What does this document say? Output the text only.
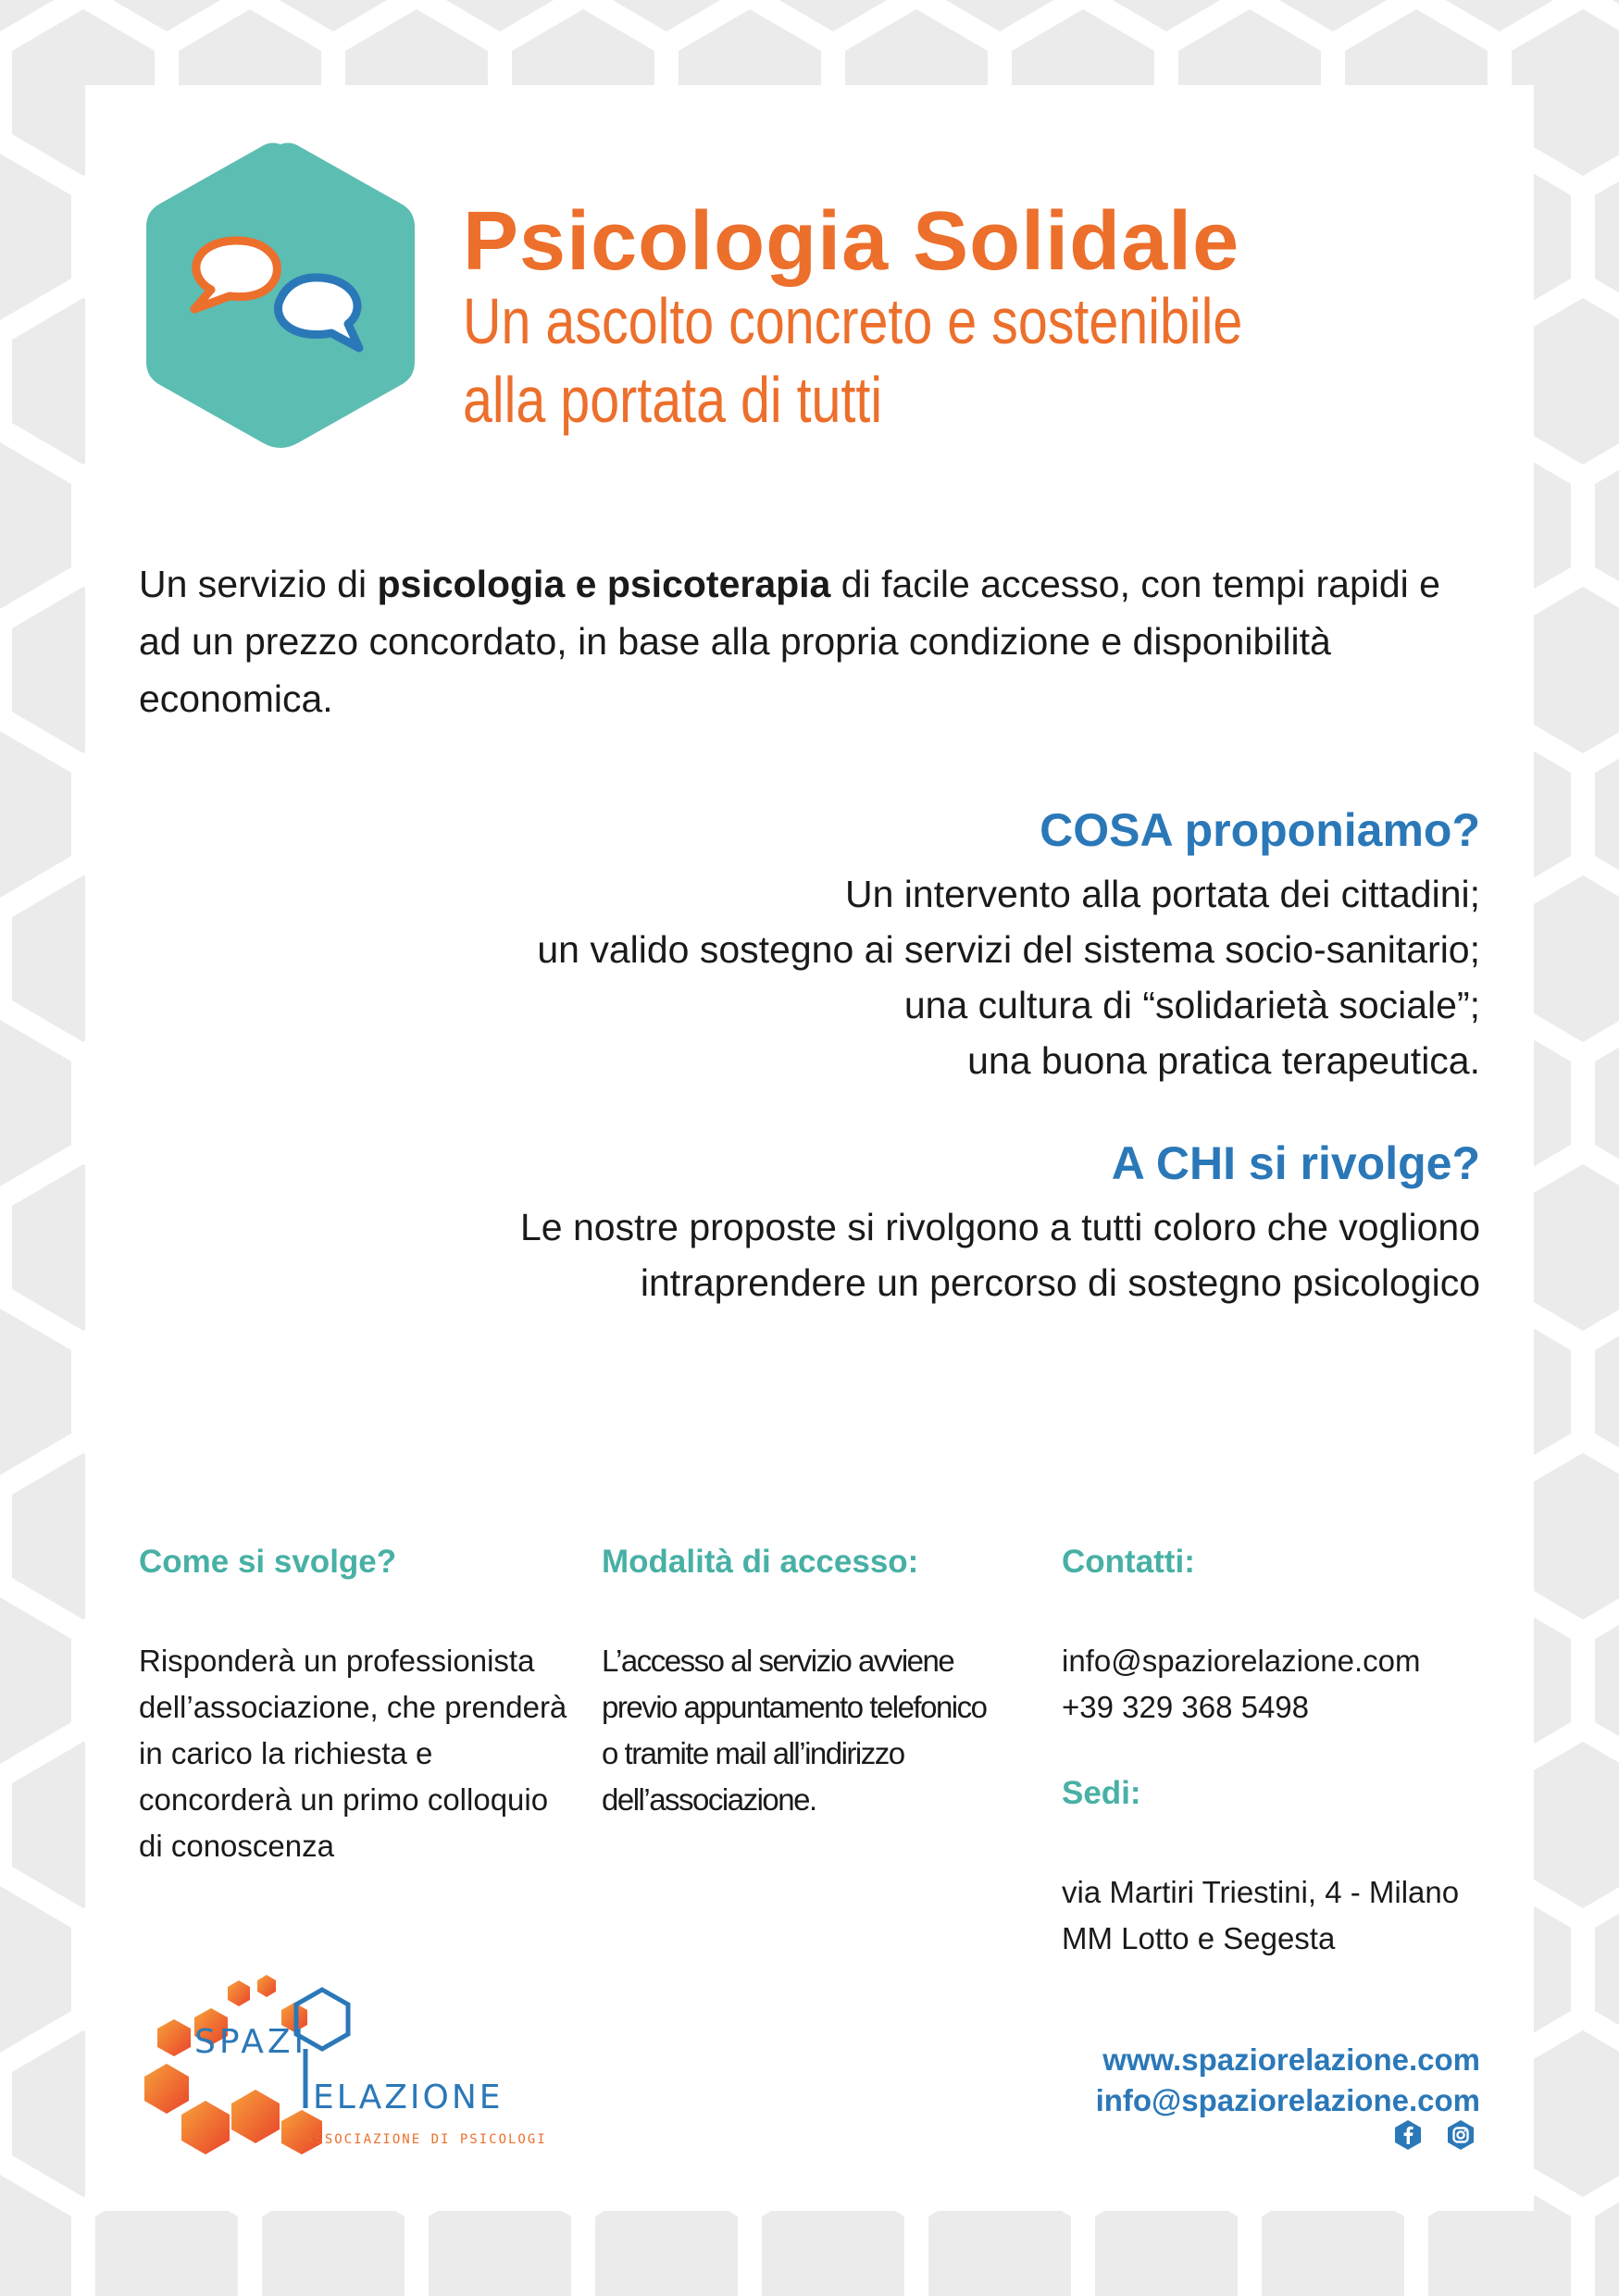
Psicologia Solidale
Un ascolto concreto e sostenibile
alla portata di tutti

Un servizio di psicologia e psicoterapia di facile accesso, con tempi rapidi e ad un prezzo concordato, in base alla propria condizione e disponibilità economica.

COSA proponiamo?
Un intervento alla portata dei cittadini;
un valido sostegno ai servizi del sistema socio-sanitario;
una cultura di “solidarietà sociale”;
una buona pratica terapeutica.
A CHI si rivolge?
Le nostre proposte si rivolgono a tutti coloro che vogliono
intraprendere un percorso di sostegno psicologico
Come si svolge?
Risponderà un professionista
dell’associazione, che prenderà
in carico la richiesta e
concorderà un primo colloquio
di conoscenza
Modalità di accesso:
L’accesso al servizio avviene
previo appuntamento telefonico
o tramite mail all’indirizzo
dell’associazione.
Contatti:
info@spaziorelazione.com
+39 329 368 5498
Sedi:
via Martiri Triestini, 4 - Milano
MM Lotto e Segesta
SPAZI
ELAZIONE
ASSOCIAZIONE DI PSICOLOGI
www.spaziorelazione.com
info@spaziorelazione.com
